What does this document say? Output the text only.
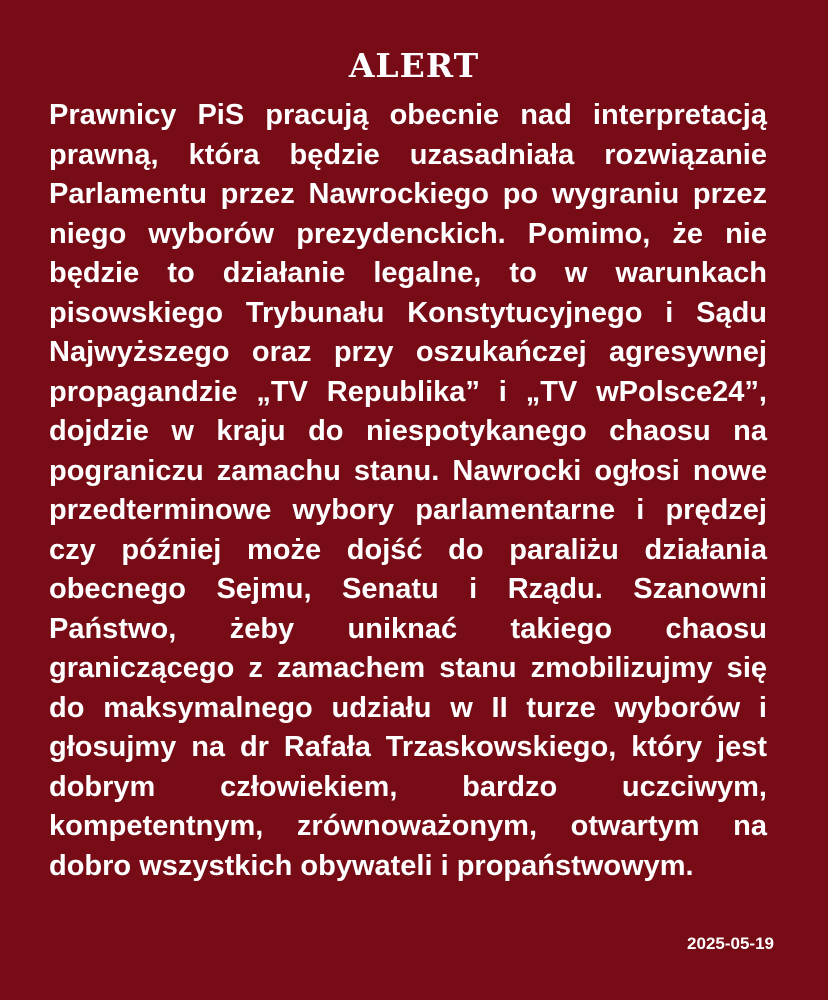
ALERT
Prawnicy PiS pracują obecnie nad interpretacją
prawną, która będzie uzasadniała rozwiązanie
Parlamentu przez Nawrockiego po wygraniu przez
niego wyborów prezydenckich. Pomimo, że nie
będzie to działanie legalne, to w warunkach
pisowskiego Trybunału Konstytucyjnego i Sądu
Najwyższego oraz przy oszukańczej agresywnej
propagandzie „TV Republika” i „TV wPolsce24”,
dojdzie w kraju do niespotykanego chaosu na
pograniczu zamachu stanu. Nawrocki ogłosi nowe
przedterminowe wybory parlamentarne i prędzej
czy później może dojść do paraliżu działania
obecnego Sejmu, Senatu i Rządu. Szanowni
Państwo, żeby uniknać takiego chaosu
graniczącego z zamachem stanu zmobilizujmy się
do maksymalnego udziału w II turze wyborów i
głosujmy na dr Rafała Trzaskowskiego, który jest
dobrym człowiekiem, bardzo uczciwym,
kompetentnym, zrównoważonym, otwartym na
dobro wszystkich obywateli i propaństwowym.
2025-05-19
